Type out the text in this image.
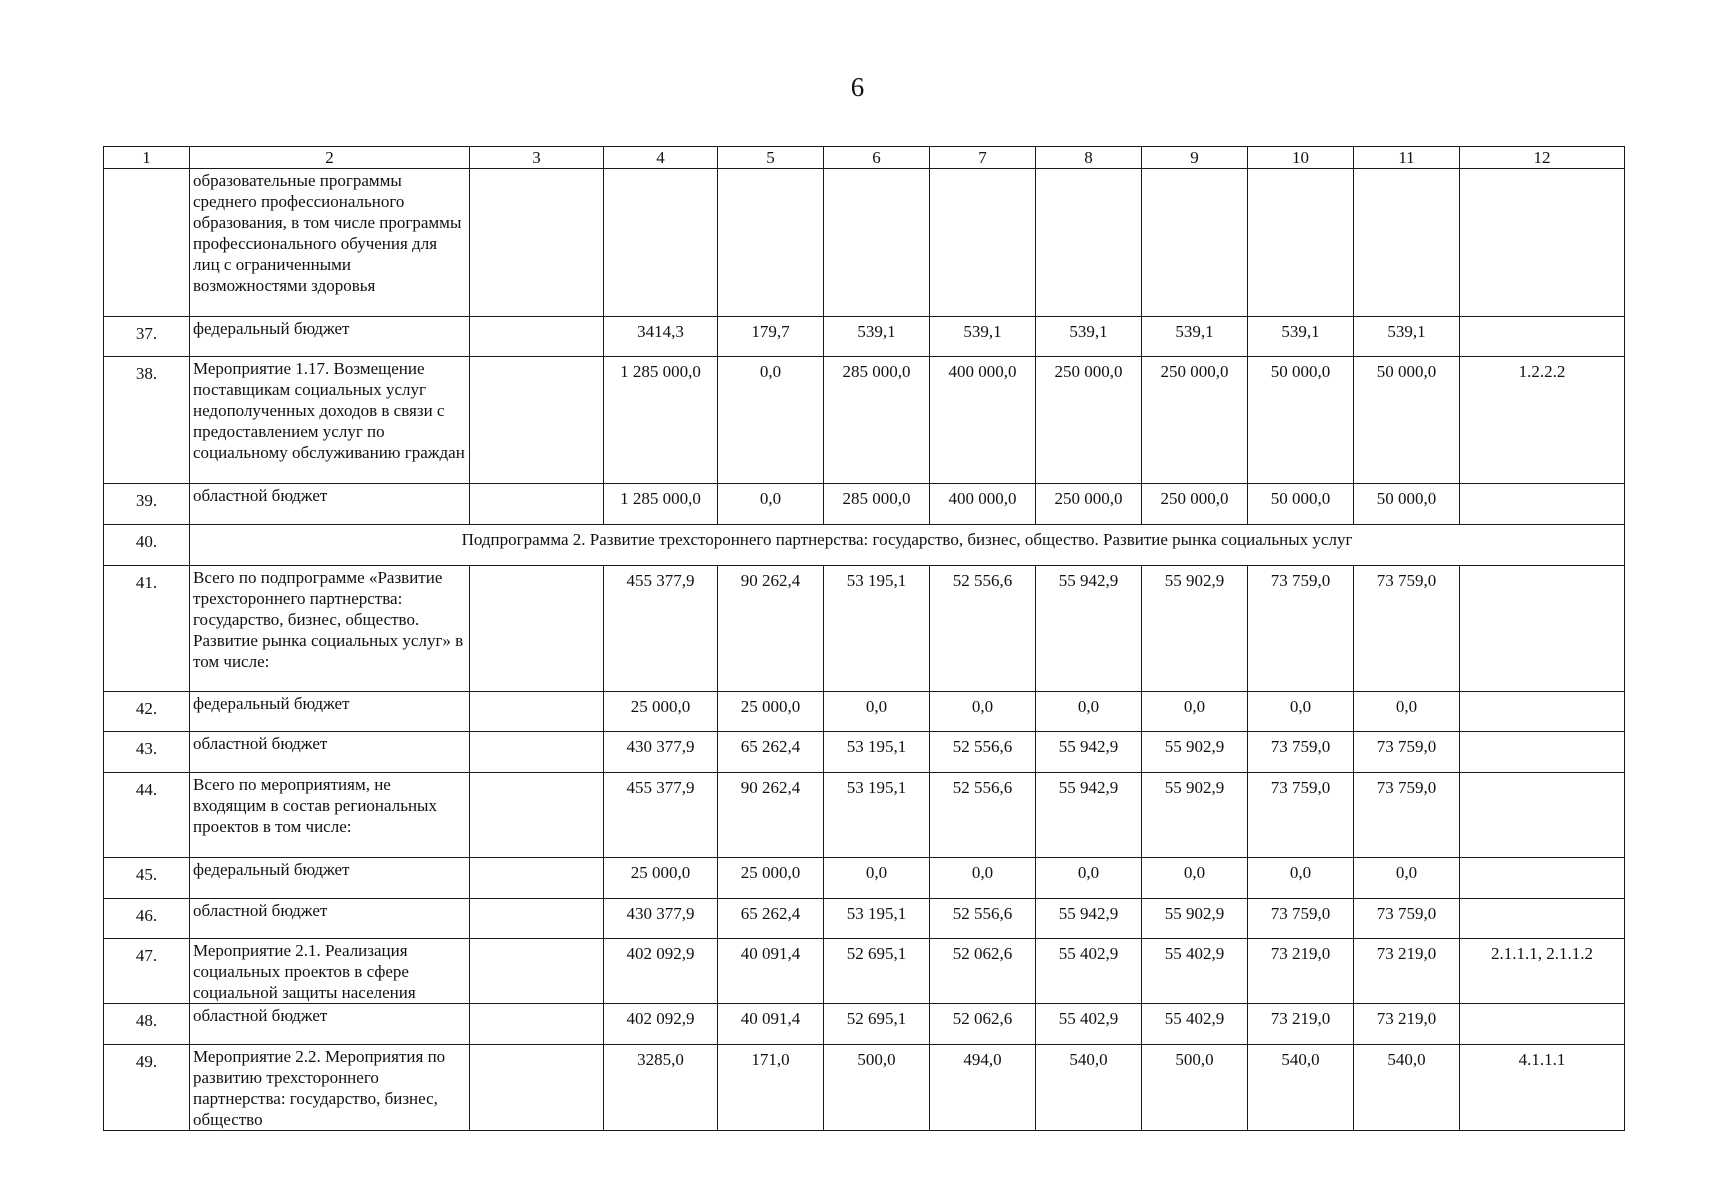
6
1	2	3	4	5	6	7	8	9	10	11	12
	образовательные программы среднего профессионального образования, в том числе программы профессионального обучения для лиц с ограниченными возможностями здоровья										
37.	федеральный бюджет		3414,3	179,7	539,1	539,1	539,1	539,1	539,1	539,1	
38.	Мероприятие 1.17. Возмещение поставщикам социальных услуг недополученных доходов в связи с предоставлением услуг по социальному обслуживанию граждан		1 285 000,0	0,0	285 000,0	400 000,0	250 000,0	250 000,0	50 000,0	50 000,0	1.2.2.2
39.	областной бюджет		1 285 000,0	0,0	285 000,0	400 000,0	250 000,0	250 000,0	50 000,0	50 000,0	
40.	Подпрограмма 2. Развитие трехстороннего партнерства: государство, бизнес, общество. Развитие рынка социальных услуг										
41.	Всего по подпрограмме «Развитие трехстороннего партнерства: государство, бизнес, общество. Развитие рынка социальных услуг» в том числе:		455 377,9	90 262,4	53 195,1	52 556,6	55 942,9	55 902,9	73 759,0	73 759,0	
42.	федеральный бюджет		25 000,0	25 000,0	0,0	0,0	0,0	0,0	0,0	0,0	
43.	областной бюджет		430 377,9	65 262,4	53 195,1	52 556,6	55 942,9	55 902,9	73 759,0	73 759,0	
44.	Всего по мероприятиям, не входящим в состав региональных проектов в том числе:		455 377,9	90 262,4	53 195,1	52 556,6	55 942,9	55 902,9	73 759,0	73 759,0	
45.	федеральный бюджет		25 000,0	25 000,0	0,0	0,0	0,0	0,0	0,0	0,0	
46.	областной бюджет		430 377,9	65 262,4	53 195,1	52 556,6	55 942,9	55 902,9	73 759,0	73 759,0	
47.	Мероприятие 2.1. Реализация социальных проектов в сфере социальной защиты населения		402 092,9	40 091,4	52 695,1	52 062,6	55 402,9	55 402,9	73 219,0	73 219,0	2.1.1.1, 2.1.1.2
48.	областной бюджет		402 092,9	40 091,4	52 695,1	52 062,6	55 402,9	55 402,9	73 219,0	73 219,0	
49.	Мероприятие 2.2. Мероприятия по развитию трехстороннего партнерства: государство, бизнес, общество		3285,0	171,0	500,0	494,0	540,0	500,0	540,0	540,0	4.1.1.1
